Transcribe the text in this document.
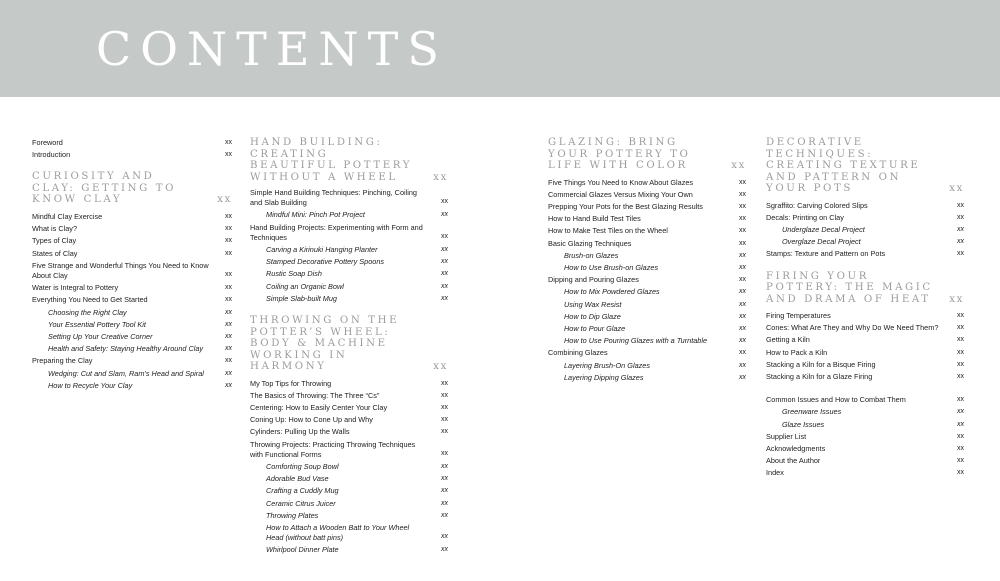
CONTENTS
Foreword	xx
Introduction	xx
CURIOSITY AND CLAY: GETTING TO KNOW CLAY	xx
Mindful Clay Exercise	xx
What is Clay?	xx
Types of Clay	xx
States of Clay	xx
Five Strange and Wonderful Things You Need to Know About Clay	xx
Water is Integral to Pottery	xx
Everything You Need to Get Started	xx
Choosing the Right Clay	xx
Your Essential Pottery Tool Kit	xx
Setting Up Your Creative Corner	xx
Health and Safety: Staying Healthy Around Clay	xx
Preparing the Clay	xx
Wedging: Cut and Slam, Ram’s Head and Spiral	xx
How to Recycle Your Clay	xx
HAND BUILDING: CREATING BEAUTIFUL POTTERY WITHOUT A WHEEL	xx
Simple Hand Building Techniques: Pinching, Coiling and Slab Building	xx
Mindful Mini: Pinch Pot Project	xx
Hand Building Projects: Experimenting with Form and Techniques	xx
Carving a Kirinuki Hanging Planter	xx
Stamped Decorative Pottery Spoons	xx
Rustic Soap Dish	xx
Coiling an Organic Bowl	xx
Simple Slab-built Mug	xx
THROWING ON THE POTTER’S WHEEL: BODY & MACHINE WORKING IN HARMONY	xx
My Top Tips for Throwing	xx
The Basics of Throwing: The Three “Cs”	xx
Centering: How to Easily Center Your Clay	xx
Coning Up: How to Cone Up and Why	xx
Cylinders: Pulling Up the Walls	xx
Throwing Projects: Practicing Throwing Techniques with Functional Forms	xx
Comforting Soup Bowl	xx
Adorable Bud Vase	xx
Crafting a Cuddly Mug	xx
Ceramic Citrus Juicer	xx
Throwing Plates	xx
How to Attach a Wooden Batt to Your Wheel Head (without batt pins)	xx
Whirlpool Dinner Plate	xx
GLAZING: BRING YOUR POTTERY TO LIFE WITH COLOR	xx
Five Things You Need to Know About Glazes	xx
Commercial Glazes Versus Mixing Your Own	xx
Prepping Your Pots for the Best Glazing Results	xx
How to Hand Build Test Tiles	xx
How to Make Test Tiles on the Wheel	xx
Basic Glazing Techniques	xx
Brush-on Glazes	xx
How to Use Brush-on Glazes	xx
Dipping and Pouring Glazes	xx
How to Mix Powdered Glazes	xx
Using Wax Resist	xx
How to Dip Glaze	xx
How to Pour Glaze	xx
How to Use Pouring Glazes with a Turntable	xx
Combining Glazes	xx
Layering Brush-On Glazes	xx
Layering Dipping Glazes	xx
DECORATIVE TECHNIQUES: CREATING TEXTURE AND PATTERN ON YOUR POTS	xx
Sgraffito: Carving Colored Slips	xx
Decals: Printing on Clay	xx
Underglaze Decal Project	xx
Overglaze Decal Project	xx
Stamps: Texture and Pattern on Pots	xx
FIRING YOUR POTTERY: THE MAGIC AND DRAMA OF HEAT	xx
Firing Temperatures	xx
Cones: What Are They and Why Do We Need Them?	xx
Getting a Kiln	xx
How to Pack a Kiln	xx
Stacking a Kiln for a Bisque Firing	xx
Stacking a Kiln for a Glaze Firing	xx
Common Issues and How to Combat Them	xx
Greenware Issues	xx
Glaze Issues	xx
Supplier List	xx
Acknowledgments	xx
About the Author	xx
Index	xx
